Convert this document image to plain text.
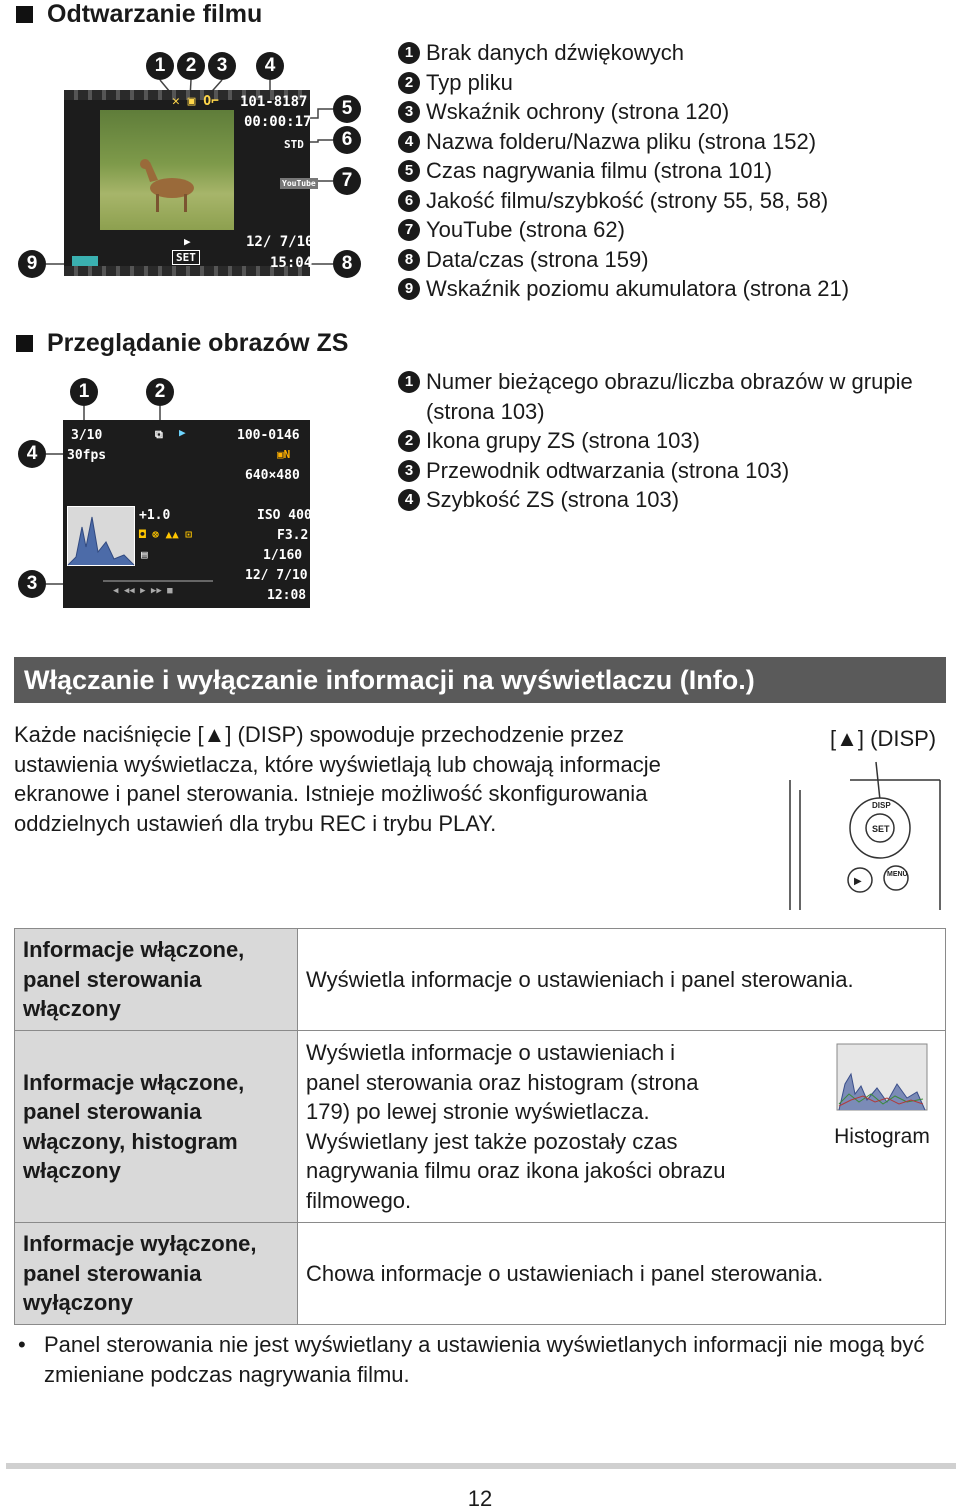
Odtwarzanie filmu
1	2	3	4
5
6
7
8
9
✕ ▣ O⌐ 101-8187
00:00:17
STD
YouTube
▶
SET
12/ 7/10
15:04
1 Brak danych dźwiękowych
2 Typ pliku
3 Wskaźnik ochrony (strona 120)
4 Nazwa folderu/Nazwa pliku (strona 152)
5 Czas nagrywania filmu (strona 101)
6 Jakość filmu/szybkość (strony 55, 58, 58)
7 YouTube (strona 62)
8 Data/czas (strona 159)
9 Wskaźnik poziomu akumulatora (strona 21)
Przeglądanie obrazów ZS
1	2
3
4
3/10
30fps
⧉ ▶	100-0146
▣N
640×480
+1.0
◘ ⊗ ▲▲ ⊡
▤
ISO 400
F3.2
1/160
12/ 7/10
12:08
◀ ◀◀ ▶ ▶▶ ■
1 Numer bieżącego obrazu/liczba obrazów w grupie (strona 103)
2 Ikona grupy ZS (strona 103)
3 Przewodnik odtwarzania (strona 103)
4 Szybkość ZS (strona 103)
Włączanie i wyłączanie informacji na wyświetlaczu (Info.)
Każde naciśnięcie [▲] (DISP) spowoduje przechodzenie przez ustawienia wyświetlacza, które wyświetlają lub chowają informacje ekranowe i panel sterowania. Istnieje możliwość skonfigurowania oddzielnych ustawień dla trybu REC i trybu PLAY.
[▲] (DISP)
DISP
SET
MENU
▶
Informacje włączone, panel sterowania włączony	Wyświetla informacje o ustawieniach i panel sterowania.
Informacje włączone, panel sterowania włączony, histogram włączony	Wyświetla informacje o ustawieniach i panel sterowania oraz histogram (strona 179) po lewej stronie wyświetlacza. Wyświetlany jest także pozostały czas nagrywania filmu oraz ikona jakości obrazu filmowego.
Histogram

Informacje wyłączone, panel sterowania wyłączony	Chowa informacje o ustawieniach i panel sterowania.
• Panel sterowania nie jest wyświetlany a ustawienia wyświetlanych informacji nie mogą być zmieniane podczas nagrywania filmu.
12
